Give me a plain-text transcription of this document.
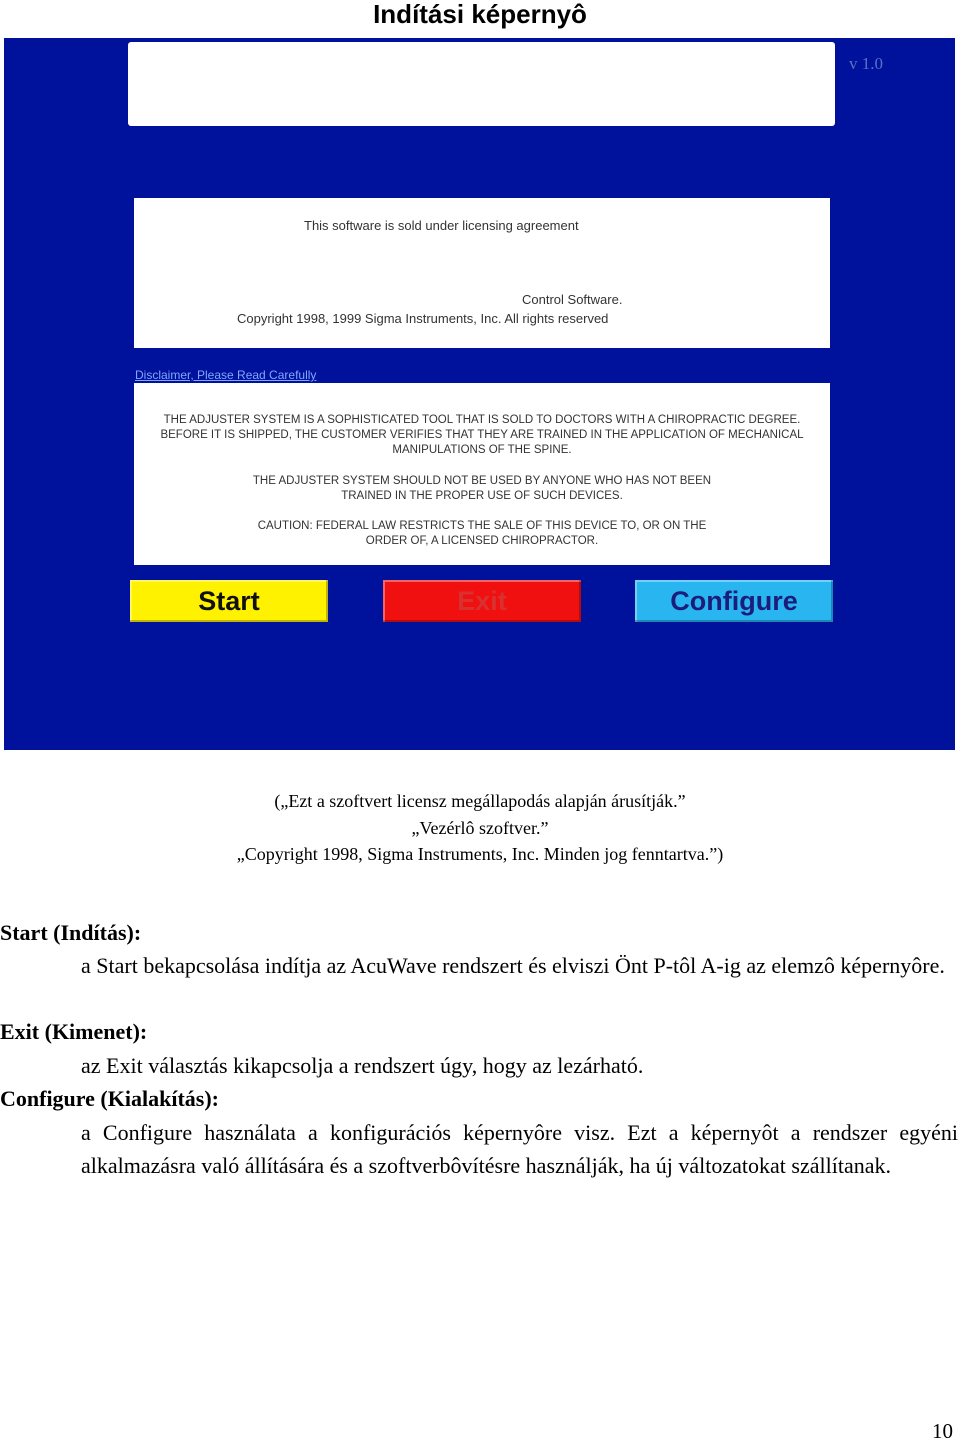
Indítási képernyô
v 1.0
This software is sold under licensing agreement
Control Software.
Copyright 1998, 1999 Sigma Instruments, Inc. All rights reserved
Disclaimer, Please Read Carefully
THE ADJUSTER SYSTEM IS A SOPHISTICATED TOOL THAT IS SOLD TO DOCTORS WITH A CHIROPRACTIC DEGREE. BEFORE IT IS SHIPPED, THE CUSTOMER VERIFIES THAT THEY ARE TRAINED IN THE APPLICATION OF MECHANICAL MANIPULATIONS OF THE SPINE.
THE ADJUSTER SYSTEM SHOULD NOT BE USED BY ANYONE WHO HAS NOT BEEN TRAINED IN THE PROPER USE OF SUCH DEVICES.
CAUTION: FEDERAL LAW RESTRICTS THE SALE OF THIS DEVICE TO, OR ON THE ORDER OF, A LICENSED CHIROPRACTOR.
Start	Exit	Configure
(„Ezt a szoftvert licensz megállapodás alapján árusítják.”
„Vezérlô szoftver.”
„Copyright 1998, Sigma Instruments, Inc. Minden jog fenntartva.”)
Start (Indítás):
a Start bekapcsolása indítja az AcuWave rendszert és elviszi Önt P-tôl A-ig az elemzô képernyôre.
Exit (Kimenet):
az Exit választás kikapcsolja a rendszert úgy, hogy az lezárható.
Configure (Kialakítás):
a Configure használata a konfigurációs képernyôre visz. Ezt a képernyôt a rendszer egyéni alkalmazásra való állítására és a szoftverbôvítésre használják, ha új változatokat szállítanak.
10
